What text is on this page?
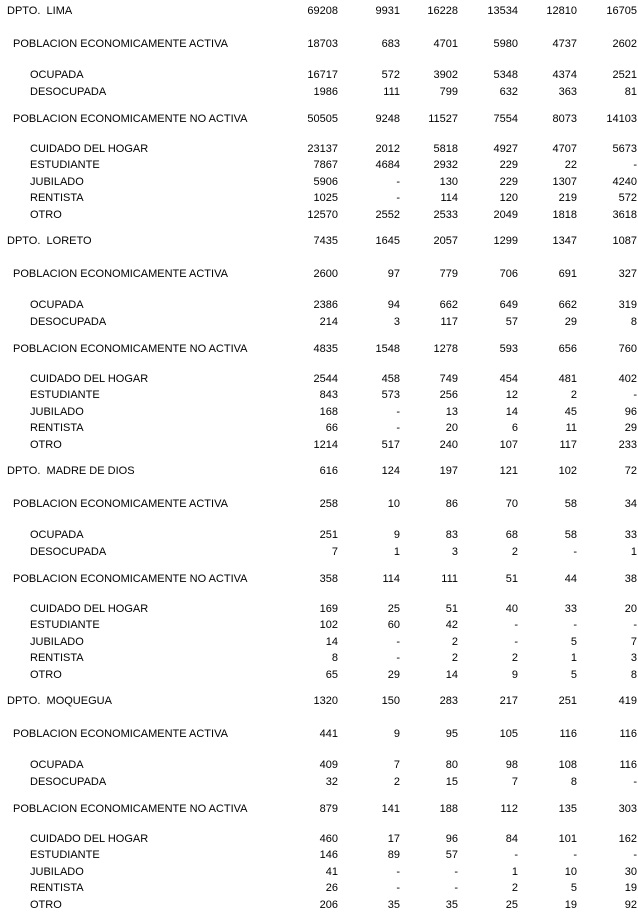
DPTO.  LIMA	69208	9931	16228	13534	12810	16705
POBLACION ECONOMICAMENTE ACTIVA	18703	683	4701	5980	4737	2602
OCUPADA	16717	572	3902	5348	4374	2521
DESOCUPADA	1986	111	799	632	363	81
POBLACION ECONOMICAMENTE NO ACTIVA	50505	9248	11527	7554	8073	14103
CUIDADO DEL HOGAR	23137	2012	5818	4927	4707	5673
ESTUDIANTE	7867	4684	2932	229	22	-
JUBILADO	5906	-	130	229	1307	4240
RENTISTA	1025	-	114	120	219	572
OTRO	12570	2552	2533	2049	1818	3618
DPTO.  LORETO	7435	1645	2057	1299	1347	1087
POBLACION ECONOMICAMENTE ACTIVA	2600	97	779	706	691	327
OCUPADA	2386	94	662	649	662	319
DESOCUPADA	214	3	117	57	29	8
POBLACION ECONOMICAMENTE NO ACTIVA	4835	1548	1278	593	656	760
CUIDADO DEL HOGAR	2544	458	749	454	481	402
ESTUDIANTE	843	573	256	12	2	-
JUBILADO	168	-	13	14	45	96
RENTISTA	66	-	20	6	11	29
OTRO	1214	517	240	107	117	233
DPTO.  MADRE DE DIOS	616	124	197	121	102	72
POBLACION ECONOMICAMENTE ACTIVA	258	10	86	70	58	34
OCUPADA	251	9	83	68	58	33
DESOCUPADA	7	1	3	2	-	1
POBLACION ECONOMICAMENTE NO ACTIVA	358	114	111	51	44	38
CUIDADO DEL HOGAR	169	25	51	40	33	20
ESTUDIANTE	102	60	42	-	-	-
JUBILADO	14	-	2	-	5	7
RENTISTA	8	-	2	2	1	3
OTRO	65	29	14	9	5	8
DPTO.  MOQUEGUA	1320	150	283	217	251	419
POBLACION ECONOMICAMENTE ACTIVA	441	9	95	105	116	116
OCUPADA	409	7	80	98	108	116
DESOCUPADA	32	2	15	7	8	-
POBLACION ECONOMICAMENTE NO ACTIVA	879	141	188	112	135	303
CUIDADO DEL HOGAR	460	17	96	84	101	162
ESTUDIANTE	146	89	57	-	-	-
JUBILADO	41	-	-	1	10	30
RENTISTA	26	-	-	2	5	19
OTRO	206	35	35	25	19	92
